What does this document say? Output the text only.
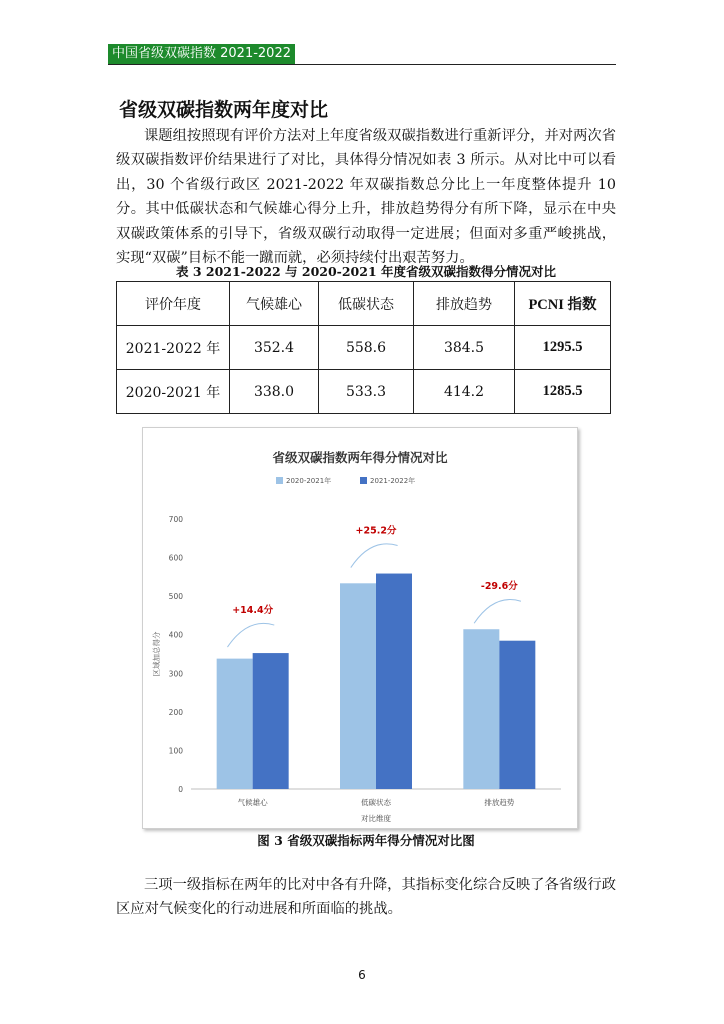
中国省级双碳指数 2021-2022
省级双碳指数两年度对比
课题组按照现有评价方法对上年度省级双碳指数进行重新评分，并对两次省级双碳指数评价结果进行了对比，具体得分情况如表 3 所示。从对比中可以看出，30 个省级行政区 2021-2022 年双碳指数总分比上一年度整体提升 10 分。其中低碳状态和气候雄心得分上升，排放趋势得分有所下降，显示在中央双碳政策体系的引导下，省级双碳行动取得一定进展；但面对多重严峻挑战，实现“双碳”目标不能一蹴而就，必须持续付出艰苦努力。
表 3 2021-2022 与 2020-2021 年度省级双碳指数得分情况对比
评价年度	气候雄心	低碳状态	排放趋势	PCNI 指数
2021-2022 年	352.4	558.6	384.5	1295.5
2020-2021 年	338.0	533.3	414.2	1285.5
省级双碳指数两年得分情况对比
2020-2021年	2021-2022年
0
100
200
300
400
500
600
700
区域加总得分
气候雄心
+14.4分
低碳状态
+25.2分
排放趋势
-29.6分
对比维度
图 3 省级双碳指标两年得分情况对比图
三项一级指标在两年的比对中各有升降，其指标变化综合反映了各省级行政区应对气候变化的行动进展和所面临的挑战。
6
